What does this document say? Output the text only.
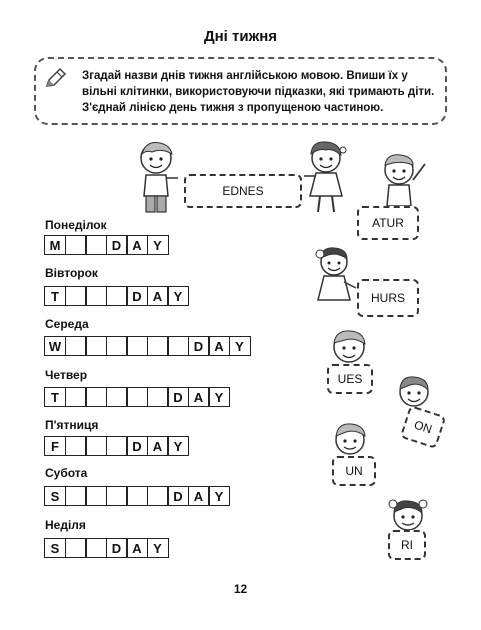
Дні тижня
Згадай назви днів тижня англійською мовою. Впиши їх у вільні клітинки, використовуючи підказки, які тримають діти. З'єднай лінією день тижня з пропущеною частиною.
Понеділок
M	D A Y
Вівторок
T	D A Y
Середа
W	D A Y
Четвер
T	D A Y
П'ятниця
F	D A Y
Субота
S	D A Y
Неділя
S	D A Y
EDNES
ATUR
HURS
UES
ON
UN
RI
12
